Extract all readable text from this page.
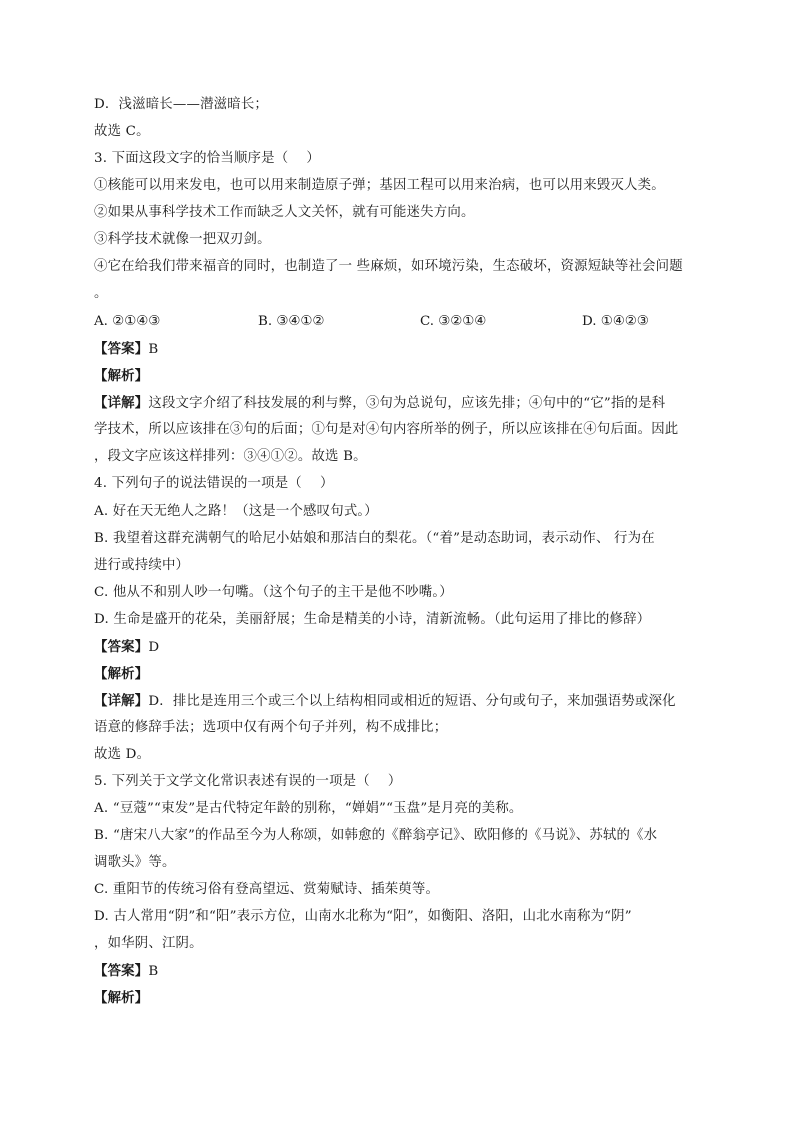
D．浅滋暗长——潜滋暗长；
故选 C。
3. 下面这段文字的恰当顺序是（　 ）
①核能可以用来发电，也可以用来制造原子弹；基因工程可以用来治病，也可以用来毁灭人类。
②如果从事科学技术工作而缺乏人文关怀，就有可能迷失方向。
③科学技术就像一把双刃剑。
④它在给我们带来福音的同时，也制造了一 些麻烦，如环境污染，生态破坏，资源短缺等社会问题
。
A. ②①④③	B. ③④①②	C. ③②①④	D. ①④②③
【答案】B
【解析】
【详解】这段文字介绍了科技发展的利与弊，③句为总说句，应该先排；④句中的“它”指的是科
学技术，所以应该排在③句的后面；①句是对④句内容所举的例子，所以应该排在④句后面。因此
，段文字应该这样排列：③④①②。故选 B。
4. 下列句子的说法错误的一项是（　 ）
A. 好在天无绝人之路！（这是一个感叹句式。）
B. 我望着这群充满朝气的哈尼小姑娘和那洁白的梨花。（“着”是动态助词，表示动作、 行为在
进行或持续中）
C. 他从不和别人吵一句嘴。（这个句子的主干是他不吵嘴。）
D. 生命是盛开的花朵，美丽舒展；生命是精美的小诗，清新流畅。（此句运用了排比的修辞）
【答案】D
【解析】
【详解】D．排比是连用三个或三个以上结构相同或相近的短语、分句或句子，来加强语势或深化
语意的修辞手法；选项中仅有两个句子并列，构不成排比；
故选 D。
5. 下列关于文学文化常识表述有误的一项是（　 ）
A. “豆蔻”“束发”是古代特定年龄的别称，“婵娟”“玉盘”是月亮的美称。
B. “唐宋八大家”的作品至今为人称颂，如韩愈的《醉翁亭记》、欧阳修的《马说》、苏轼的《水
调歌头》等。
C. 重阳节的传统习俗有登高望远、赏菊赋诗、插茱萸等。
D. 古人常用“阴”和“阳”表示方位，山南水北称为“阳”，如衡阳、洛阳，山北水南称为“阴”
，如华阴、江阴。
【答案】B
【解析】
